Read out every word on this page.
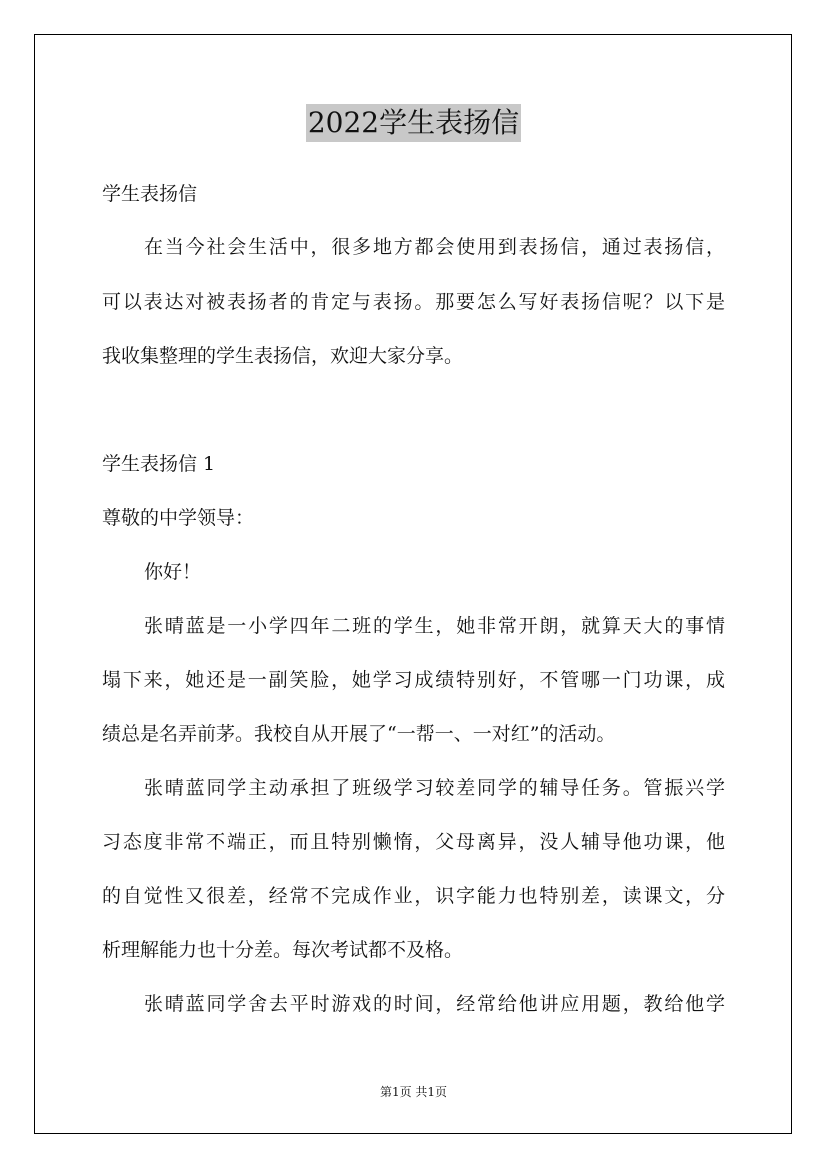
2022学生表扬信
学生表扬信
在当今社会生活中，很多地方都会使用到表扬信，通过表扬信，
可以表达对被表扬者的肯定与表扬。那要怎么写好表扬信呢？以下是
我收集整理的学生表扬信，欢迎大家分享。
学生表扬信 1
尊敬的中学领导：
你好！
张晴蓝是一小学四年二班的学生，她非常开朗，就算天大的事情
塌下来，她还是一副笑脸，她学习成绩特别好，不管哪一门功课，成
绩总是名弄前茅。我校自从开展了“一帮一、一对红”的活动。
张晴蓝同学主动承担了班级学习较差同学的辅导任务。管振兴学
习态度非常不端正，而且特别懒惰，父母离异，没人辅导他功课，他
的自觉性又很差，经常不完成作业，识字能力也特别差，读课文，分
析理解能力也十分差。每次考试都不及格。
张晴蓝同学舍去平时游戏的时间，经常给他讲应用题，教给他学
第1页 共1页
